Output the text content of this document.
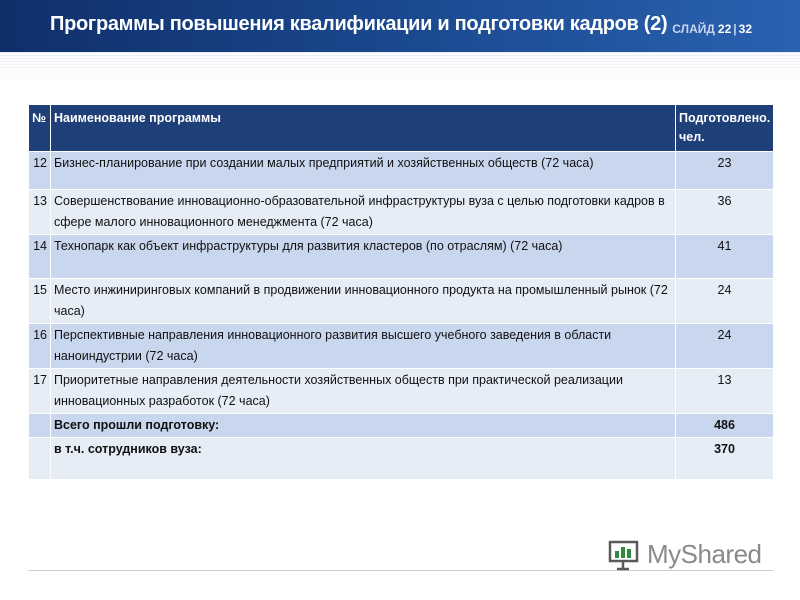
Программы повышения квалификации и подготовки кадров (2) СЛАЙД 22 | 32
№	Наименование программы	Подготовлено. чел.
12	Бизнес-планирование при создании малых предприятий и хозяйственных обществ (72 часа)	23
13	Совершенствование инновационно-образовательной инфраструктуры вуза с целью подготовки кадров в сфере малого инновационного менеджмента (72 часа)	36
14	Технопарк как объект инфраструктуры для развития кластеров (по отраслям) (72 часа)	41
15	Место инжиниринговых компаний в продвижении инновационного продукта на промышленный рынок (72 часа)	24
16	Перспективные направления инновационного развития высшего учебного заведения в области наноиндустрии (72 часа)	24
17	Приоритетные направления деятельности хозяйственных обществ при практической реализации инновационных разработок (72 часа)	13
	Всего прошли подготовку:	486
	в т.ч. сотрудников вуза:	370
MyShared
